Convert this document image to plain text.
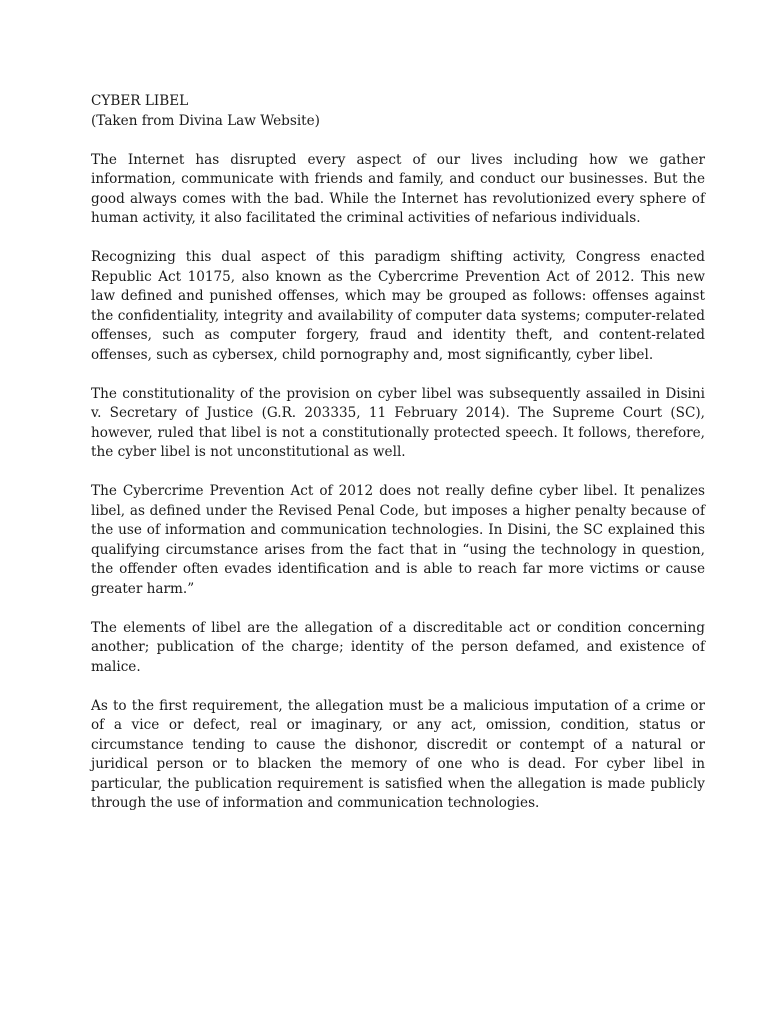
CYBER LIBEL
(Taken from Divina Law Website)

The Internet has disrupted every aspect of our lives including how we gather information, communicate with friends and family, and conduct our businesses. But the good always comes with the bad. While the Internet has revolutionized every sphere of human activity, it also facilitated the criminal activities of nefarious individuals.

Recognizing this dual aspect of this paradigm shifting activity, Congress enacted Republic Act 10175, also known as the Cybercrime Prevention Act of 2012. This new law defined and punished offenses, which may be grouped as follows: offenses against the confidentiality, integrity and availability of computer data systems; computer-related offenses, such as computer forgery, fraud and identity theft, and content-related offenses, such as cybersex, child pornography and, most significantly, cyber libel.

The constitutionality of the provision on cyber libel was subsequently assailed in Disini v. Secretary of Justice (G.R. 203335, 11 February 2014). The Supreme Court (SC), however, ruled that libel is not a constitutionally protected speech. It follows, therefore, the cyber libel is not unconstitutional as well.

The Cybercrime Prevention Act of 2012 does not really define cyber libel. It penalizes libel, as defined under the Revised Penal Code, but imposes a higher penalty because of the use of information and communication technologies. In Disini, the SC explained this qualifying circumstance arises from the fact that in “using the technology in question, the offender often evades identification and is able to reach far more victims or cause greater harm.”

The elements of libel are the allegation of a discreditable act or condition concerning another; publication of the charge; identity of the person defamed, and existence of malice.

As to the first requirement, the allegation must be a malicious imputation of a crime or of a vice or defect, real or imaginary, or any act, omission, condition, status or circumstance tending to cause the dishonor, discredit or contempt of a natural or juridical person or to blacken the memory of one who is dead. For cyber libel in particular, the publication requirement is satisfied when the allegation is made publicly through the use of information and communication technologies.
